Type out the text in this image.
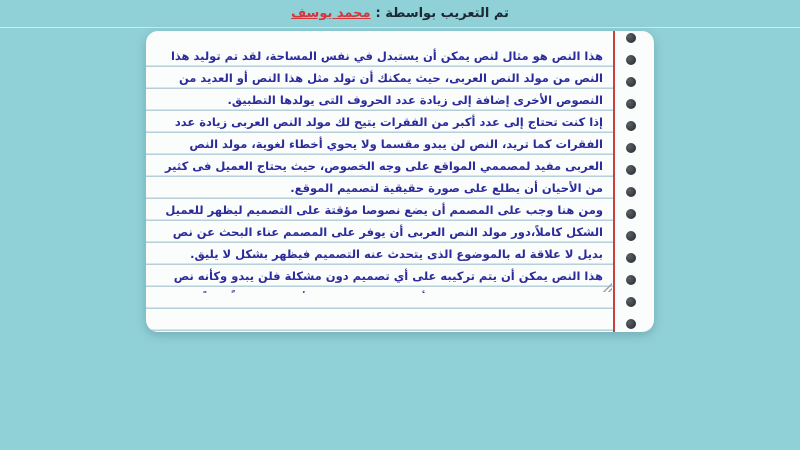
تم التعريب بواسطة :
محمد يوسف
هذا النص هو مثال لنص يمكن أن يستبدل في نفس المساحة، لقد تم توليد هذا النص من مولد النص العربى، حيث يمكنك أن تولد مثل هذا النص أو العديد من النصوص الأخرى إضافة إلى زيادة عدد الحروف التى يولدها التطبيق. إذا كنت تحتاج إلى عدد أكبر من الفقرات يتيح لك مولد النص العربى زيادة عدد الفقرات كما تريد، النص لن يبدو مقسما ولا يحوي أخطاء لغوية، مولد النص العربى مفيد لمصممي المواقع على وجه الخصوص، حيث يحتاج العميل فى كثير من الأحيان أن يطلع على صورة حقيقية لتصميم الموقع. ومن هنا وجب على المصمم أن يضع نصوصا مؤقتة على التصميم ليظهر للعميل الشكل كاملاً،دور مولد النص العربى أن يوفر على المصمم عناء البحث عن نص بديل لا علاقة له بالموضوع الذى يتحدث عنه التصميم فيظهر بشكل لا يليق. هذا النص يمكن أن يتم تركيبه على أي تصميم دون مشكلة فلن يبدو وكأنه نص منسوخ، غير منظم، غير منسق، أو حتى غير مفهوم، لأنه مازال نصاً بديلاً ومؤقتاً.
